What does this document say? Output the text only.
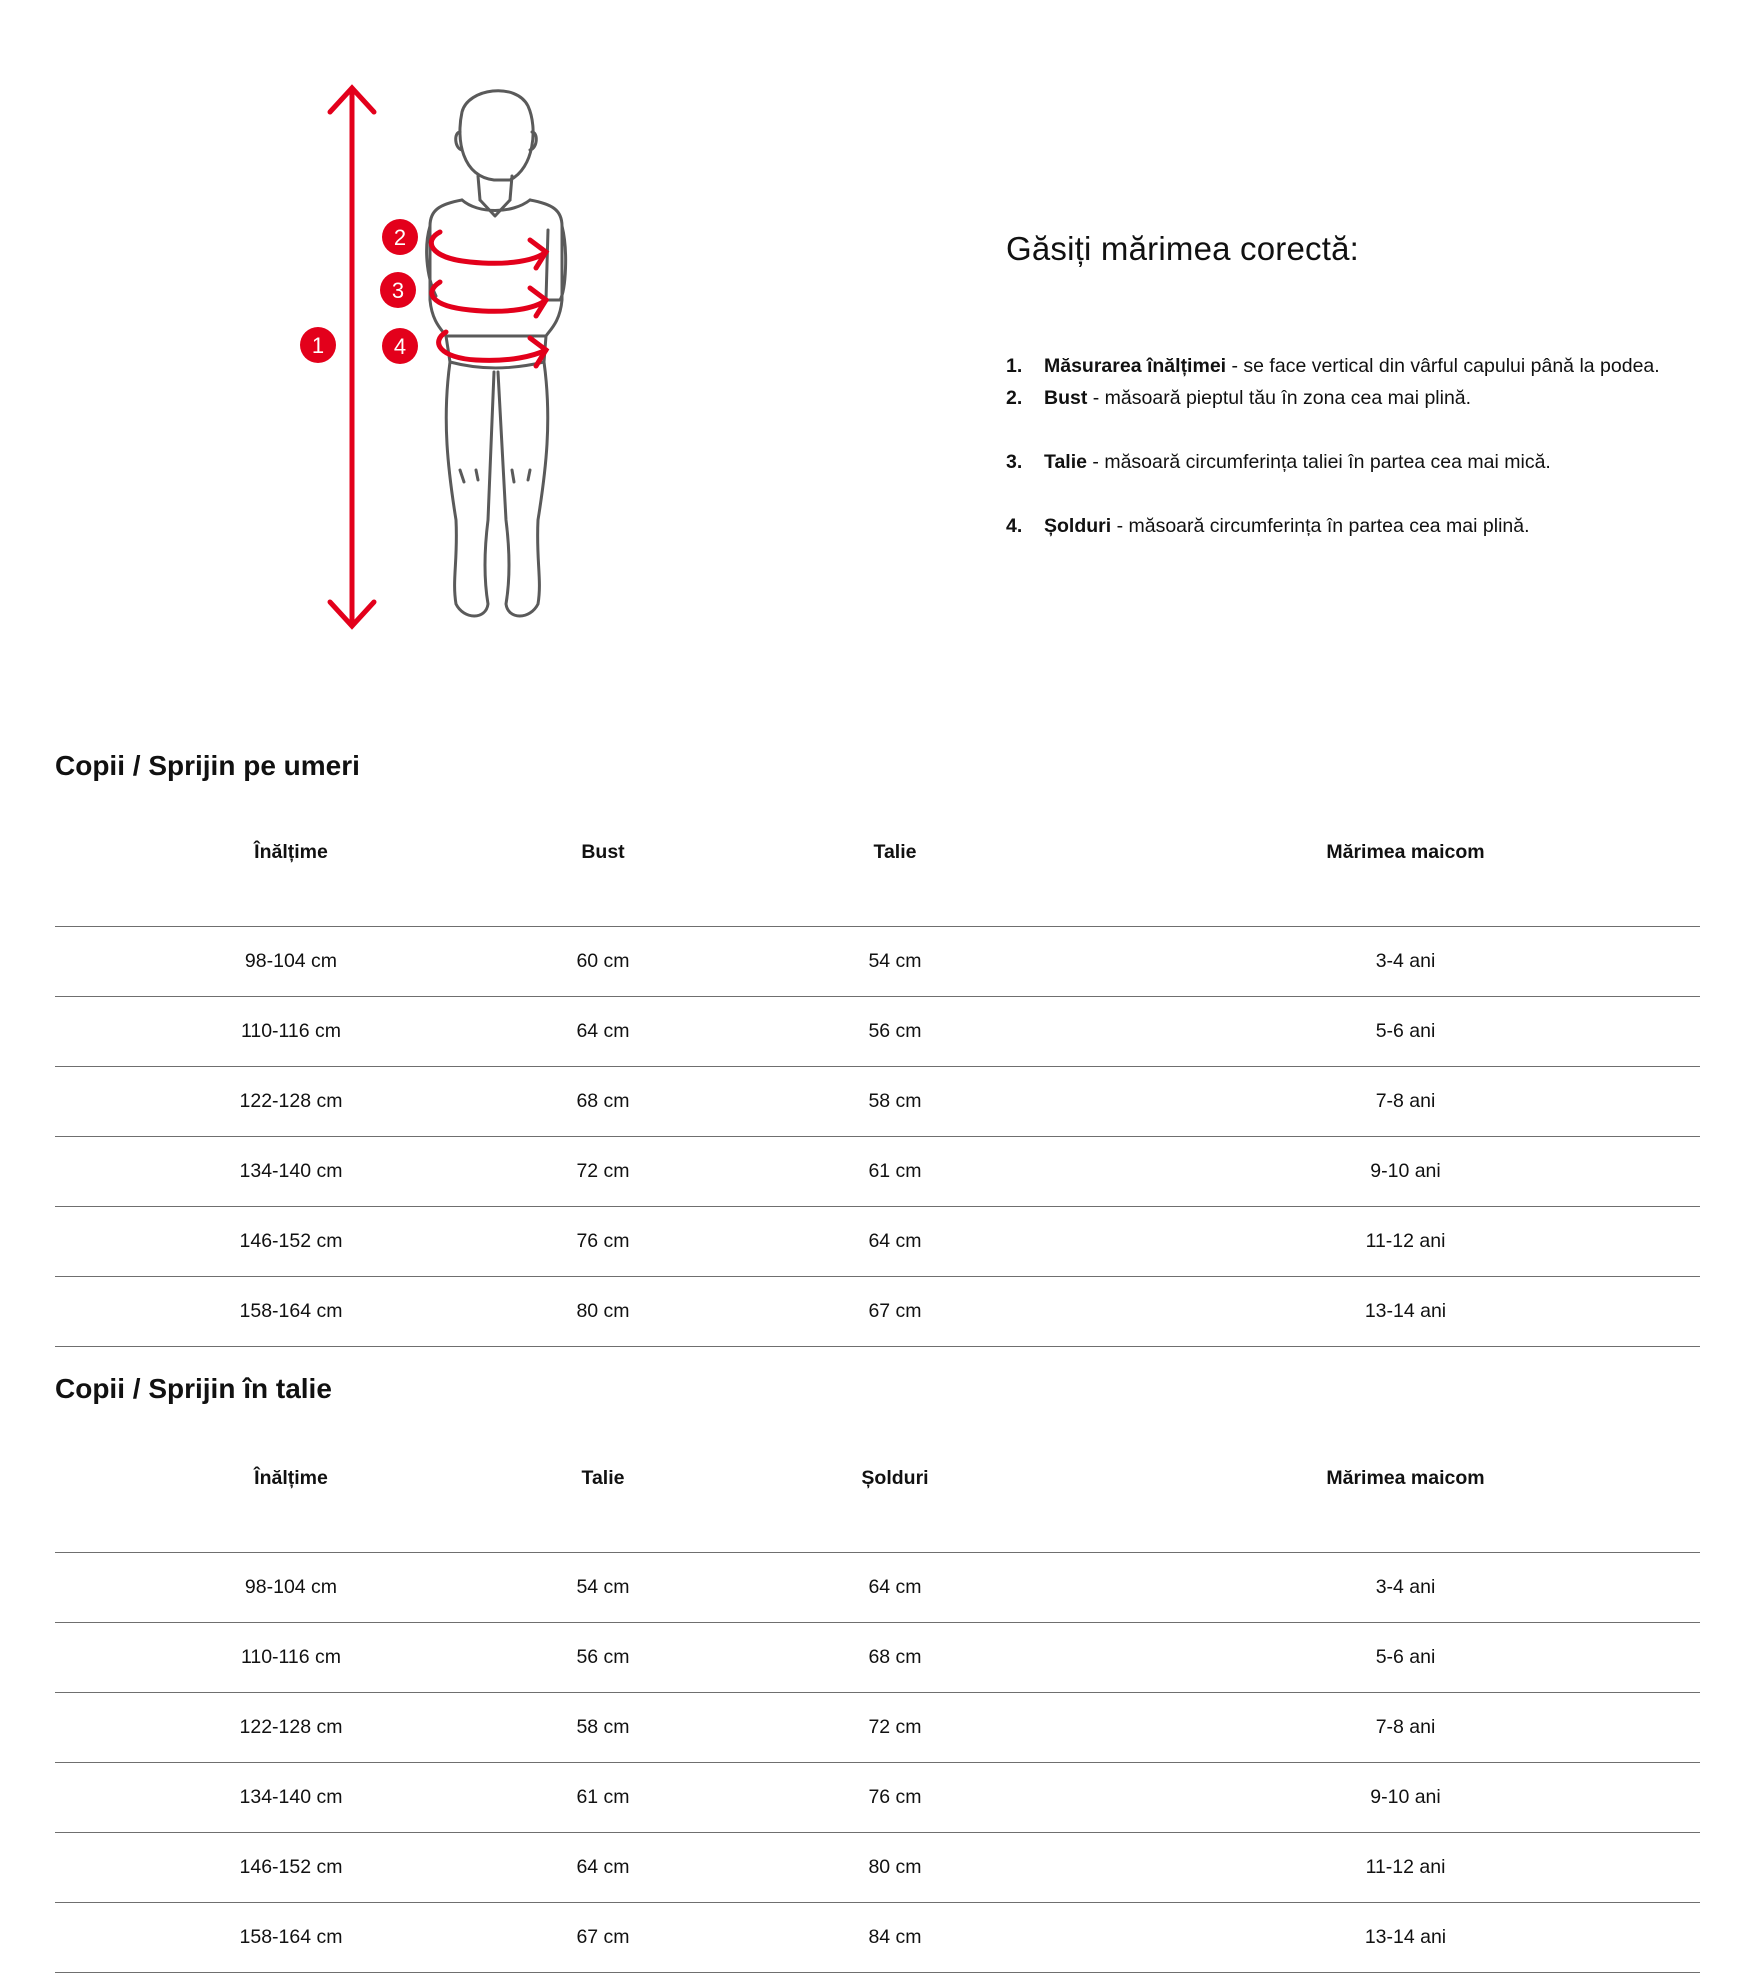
1
2
3
4
Găsiți mărimea corectă:
1. Măsurarea înălțimei - se face vertical din vârful capului până la podea.
2. Bust - măsoară pieptul tău în zona cea mai plină.
3. Talie - măsoară circumferința taliei în partea cea mai mică.
4. Șolduri - măsoară circumferința în partea cea mai plină.
Copii / Sprijin pe umeri
Înălțime	Bust	Talie	Mărimea maicom
98-104 cm	60 cm	54 cm	3-4 ani
110-116 cm	64 cm	56 cm	5-6 ani
122-128 cm	68 cm	58 cm	7-8 ani
134-140 cm	72 cm	61 cm	9-10 ani
146-152 cm	76 cm	64 cm	11-12 ani
158-164 cm	80 cm	67 cm	13-14 ani
Copii / Sprijin în talie
Înălțime	Talie	Șolduri	Mărimea maicom
98-104 cm	54 cm	64 cm	3-4 ani
110-116 cm	56 cm	68 cm	5-6 ani
122-128 cm	58 cm	72 cm	7-8 ani
134-140 cm	61 cm	76 cm	9-10 ani
146-152 cm	64 cm	80 cm	11-12 ani
158-164 cm	67 cm	84 cm	13-14 ani
